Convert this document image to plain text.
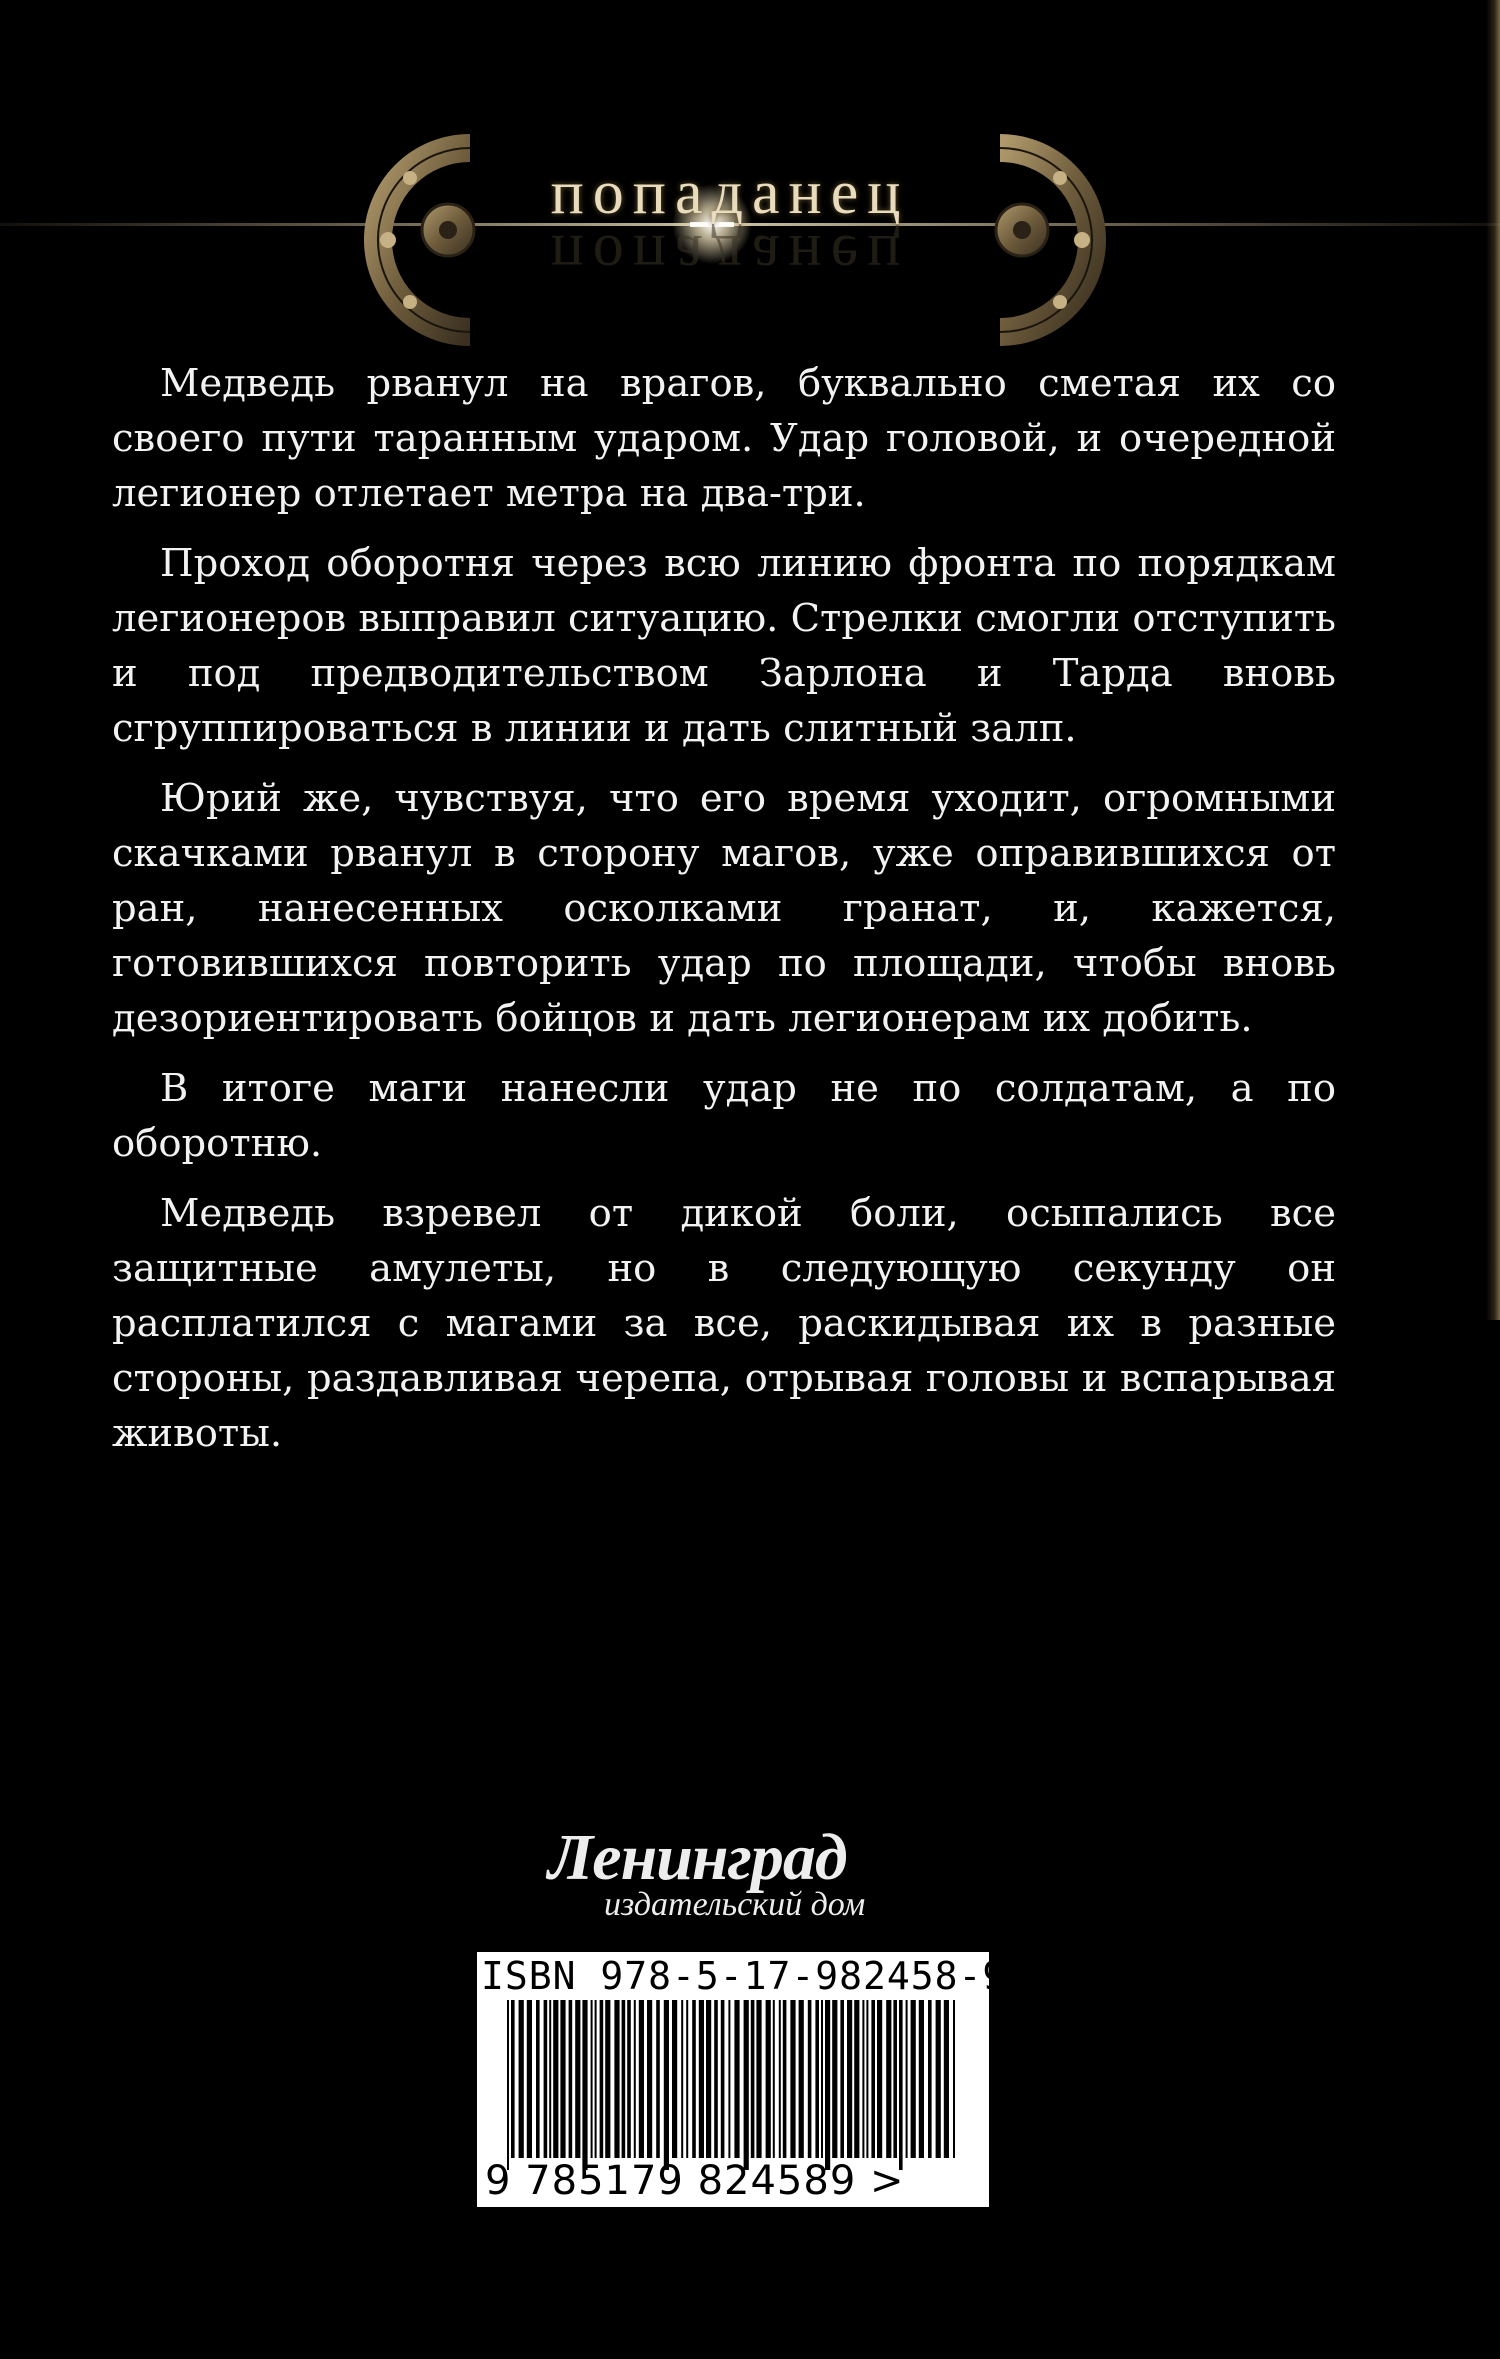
попаданец
попаданец

Медведь рванул на врагов, буквально сметая их со своего пути таранным ударом. Удар головой, и очередной легионер отлетает метра на два-три.

Проход оборотня через всю линию фронта по порядкам легионеров выправил ситуацию. Стрелки смогли отступить и под предводительством Зарлона и Тарда вновь сгруппироваться в линии и дать слитный залп.

Юрий же, чувствуя, что его время уходит, огромными скачками рванул в сторону магов, уже оправившихся от ран, нанесенных осколками гранат, и, кажется, готовившихся повторить удар по площади, чтобы вновь дезориентировать бойцов и дать легионерам их добить.

В итоге маги нанесли удар не по солдатам, а по оборотню.

Медведь взревел от дикой боли, осыпались все защитные амулеты, но в следующую секунду он расплатился с магами за все, раскидывая их в разные стороны, раздавливая черепа, отрывая головы и вспарывая животы.

Ленинград
издательский дом
ISBN 978-5-17-982458-9
9 785179 824589 >
